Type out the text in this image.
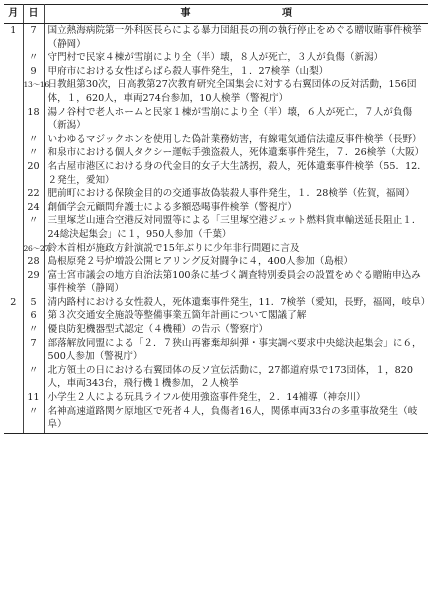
月	日	事 項
1	7	国立熱海病院第一外科医長らによる暴力団組長の刑の執行停止をめぐる贈収賄事件検挙（静岡）
	〃	守門村で民家４棟が雪崩により全（半）壊，８人が死亡，３人が負傷（新潟）
	9	甲府市における女性ばらばら殺人事件発生，１．27検挙（山梨）
	13～16	日教組第30次，日高教第27次教育研究全国集会に対する右翼団体の反対活動，156団体，１，620人，車両274台参加，10人検挙（警視庁）
	18	湯ノ谷村で老人ホームと民家１棟が雪崩により全（半）壊，６人が死亡，７人が負傷（新潟）
	〃	いわゆるマジックホンを使用した偽計業務妨害，有線電気通信法違反事件検挙（長野）
	〃	和泉市における個人タクシー運転手強盗殺人，死体遺棄事件発生，７．26検挙（大阪）
	20	名古屋市港区における身の代金目的女子大生誘拐，殺人，死体遺棄事件検挙（55．12．２発生，愛知）
	22	肥前町における保険金目的の交通事故偽装殺人事件発生，１．28検挙（佐賀，福岡）
	24	創価学会元顧問弁護士による多額恐喝事件検挙（警視庁）
	〃	三里塚芝山連合空港反対同盟等による「三里塚空港ジェット燃料貨車輸送延長阻止１．24総決起集会」に１，950人参加（千葉）
	26～27	鈴木首相が施政方針演説で15年ぶりに少年非行問題に言及
	28	島根原発２号炉増設公開ヒアリング反対闘争に４，400人参加（島根）
	29	富士宮市議会の地方自治法第100条に基づく調査特別委員会の設置をめぐる贈賄申込み事件検挙（静岡）
2	5	清内路村における女性殺人，死体遺棄事件発生，11．7検挙（愛知，長野，福岡，岐阜）
	6	第３次交通安全施設等整備事業五箇年計画について閣議了解
	〃	優良防犯機器型式認定（４機種）の告示（警察庁）
	7	部落解放同盟による「２．７狭山再審棄却糾弾・事実調べ要求中央総決起集会」に６，500人参加（警視庁）
	〃	北方領土の日における右翼団体の反ソ宣伝活動に，27都道府県で173団体，１，820人，車両343台，飛行機１機参加，２人検挙
	11	小学生２人による玩具ライフル使用強盗事件発生，２．14補導（神奈川）
	〃	名神高速道路関ケ原地区で死者４人，負傷者16人，関係車両33台の多重事故発生（岐阜）
